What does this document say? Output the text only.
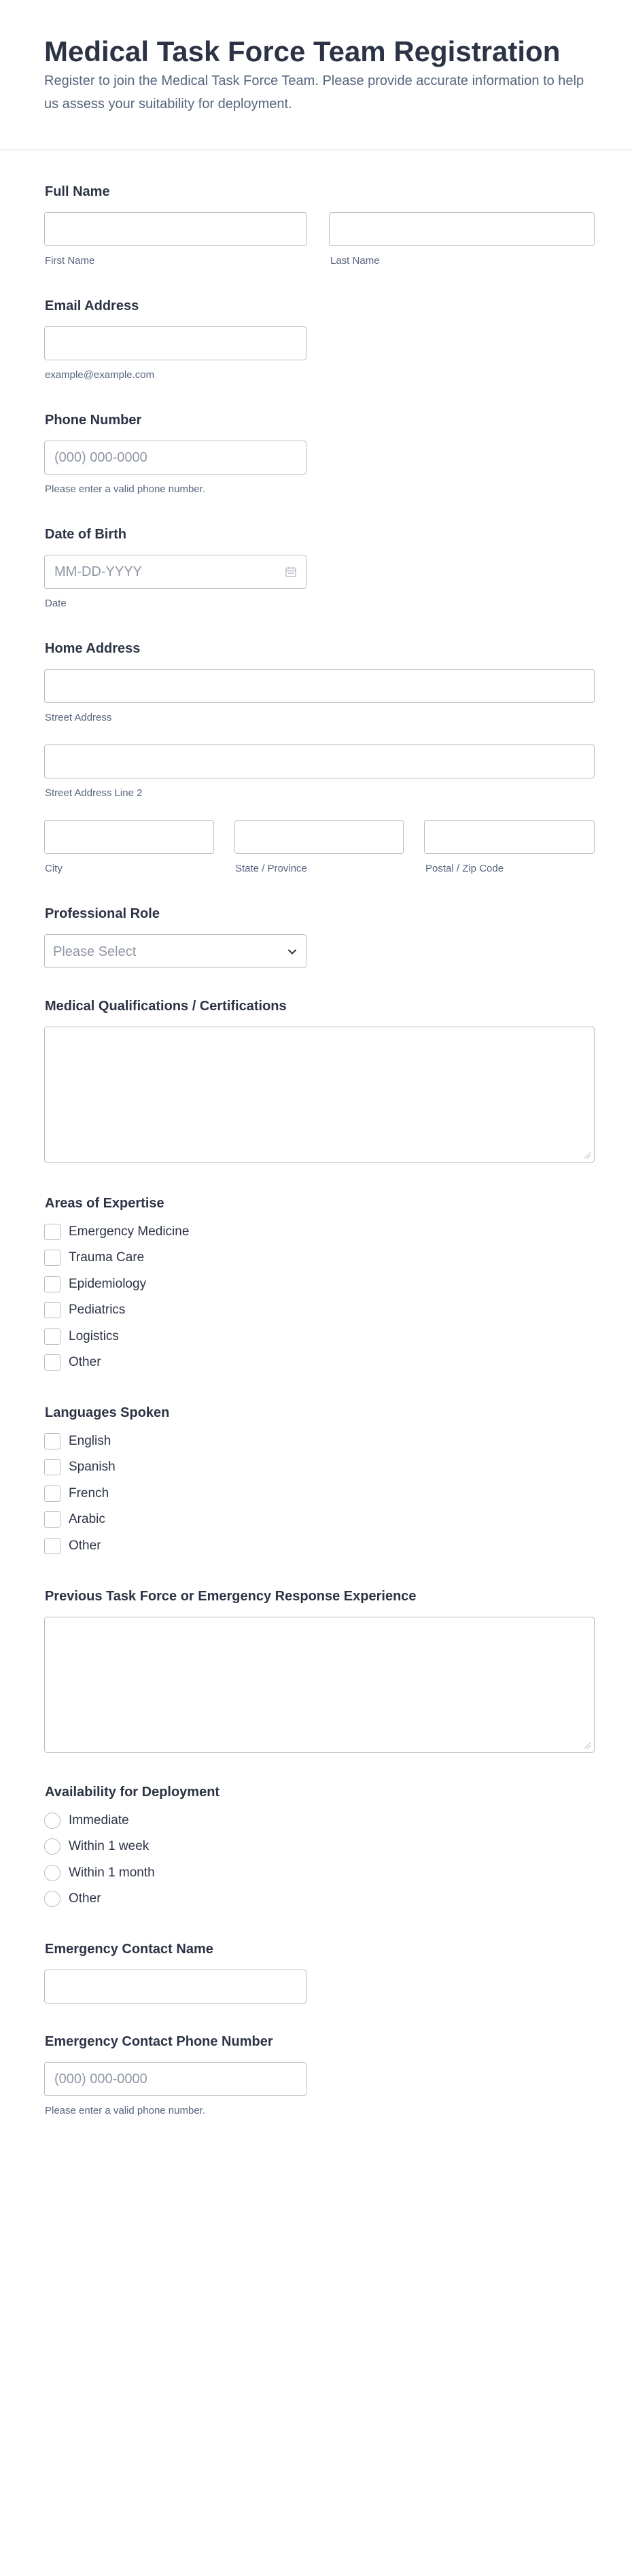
Medical Task Force Team Registration

Register to join the Medical Task Force Team. Please provide accurate information to help us assess your suitability for deployment.

Full Name
First Name	Last Name
Email Address
example@example.com
Phone Number
(000) 000-0000
Please enter a valid phone number.
Date of Birth
MM-DD-YYYY
Date
Home Address
Street Address
Street Address Line 2
City	State / Province	Postal / Zip Code
Professional Role
Please Select
Medical Qualifications / Certifications
Areas of Expertise
Emergency Medicine
Trauma Care
Epidemiology
Pediatrics
Logistics
Other
Languages Spoken
English
Spanish
French
Arabic
Other
Previous Task Force or Emergency Response Experience
Availability for Deployment
Immediate
Within 1 week
Within 1 month
Other
Emergency Contact Name
Emergency Contact Phone Number
(000) 000-0000
Please enter a valid phone number.
